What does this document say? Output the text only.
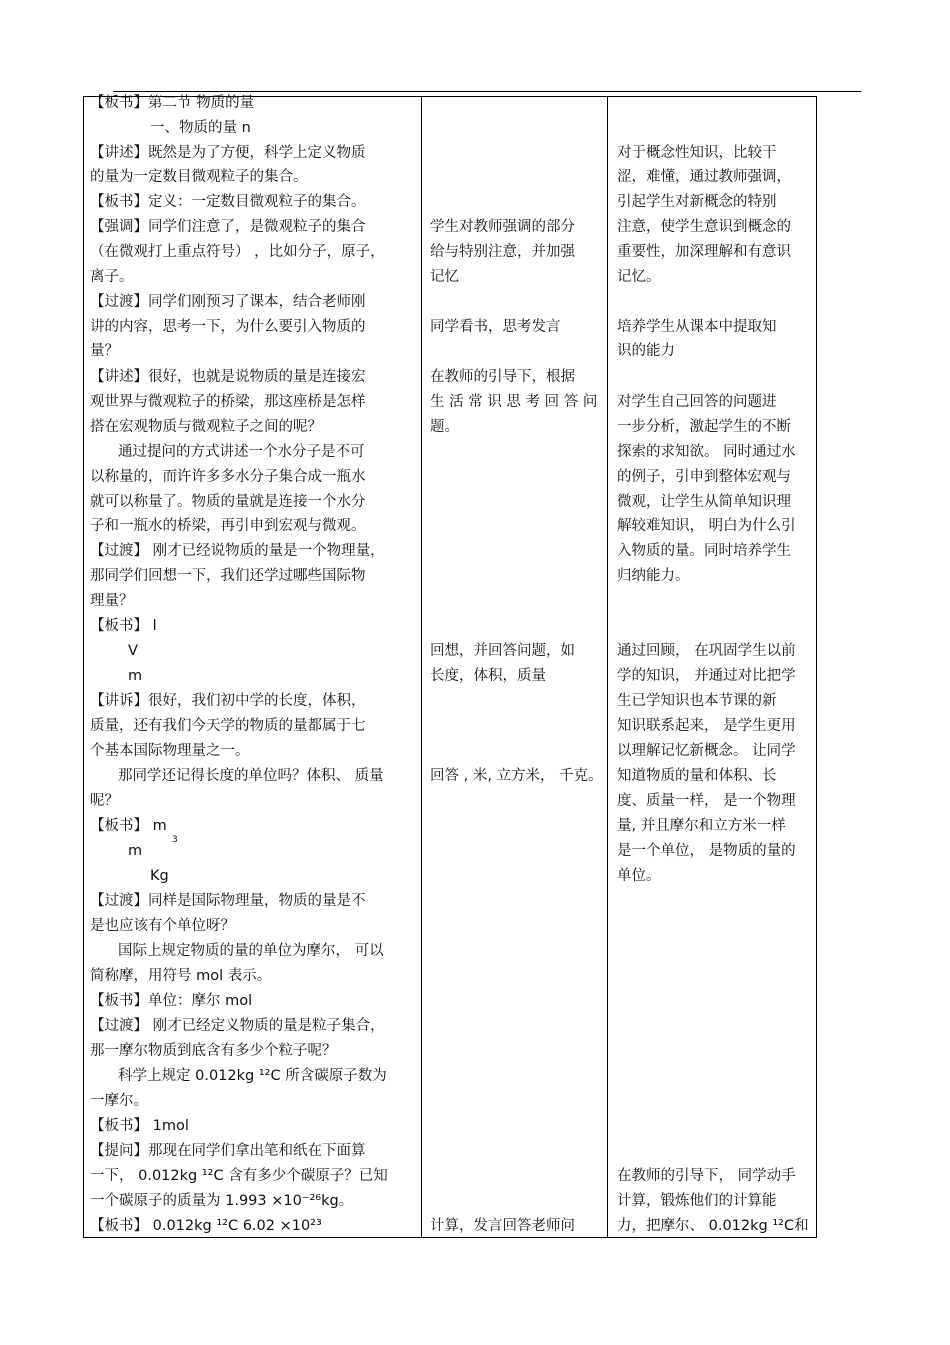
【板书】第二节 物质的量
一、物质的量 n
【讲述】既然是为了方便，科学上定义物质
的量为一定数目微观粒子的集合。
【板书】定义：一定数目微观粒子的集合。
【强调】同学们注意了，是微观粒子的集合
（在微观打上重点符号） ，比如分子，原子，
离子。
【过渡】同学们刚预习了课本，结合老师刚
讲的内容，思考一下，为什么要引入物质的
量？
【讲述】很好，也就是说物质的量是连接宏
观世界与微观粒子的桥梁，那这座桥是怎样
搭在宏观物质与微观粒子之间的呢？
通过提问的方式讲述一个水分子是不可
以称量的，而许许多多水分子集合成一瓶水
就可以称量了。物质的量就是连接一个水分
子和一瓶水的桥梁，再引申到宏观与微观。
【过渡】 刚才已经说物质的量是一个物理量，
那同学们回想一下，我们还学过哪些国际物
理量？
【板书】 l
V
m
【讲诉】很好，我们初中学的长度，体积，
质量，还有我们今天学的物质的量都属于七
个基本国际物理量之一。
那同学还记得长度的单位吗？体积、 质量
呢？
【板书】 m
m
Kg
【过渡】同样是国际物理量，物质的量是不
是也应该有个单位呀？
国际上规定物质的量的单位为摩尔， 可以
简称摩，用符号 mol 表示。
【板书】单位：摩尔 mol
【过渡】 刚才已经定义物质的量是粒子集合，
那一摩尔物质到底含有多少个粒子呢？
科学上规定 0.012kg ¹²C 所含碳原子数为
一摩尔。
【板书】 1mol
【提问】那现在同学们拿出笔和纸在下面算
一下， 0.012kg ¹²C 含有多少个碳原子？已知
一个碳原子的质量为 1.993 ×10⁻²⁶kg。
【板书】 0.012kg ¹²C 6.02 ×10²³
3
学生对教师强调的部分
给与特别注意，并加强
记忆
同学看书，思考发言
在教师的引导下，根据
生 活 常 识 思 考 回 答 问
题。
回想，并回答问题，如
长度，体积，质量
回答 , 米, 立方米， 千克。
计算，发言回答老师问
对于概念性知识，比较干
涩，难懂，通过教师强调，
引起学生对新概念的特别
注意，使学生意识到概念的
重要性，加深理解和有意识
记忆。
培养学生从课本中提取知
识的能力
对学生自己回答的问题进
一步分析，激起学生的不断
探索的求知欲。 同时通过水
的例子，引申到整体宏观与
微观，让学生从简单知识理
解较难知识， 明白为什么引
入物质的量。同时培养学生
归纳能力。
通过回顾， 在巩固学生以前
学的知识， 并通过对比把学
生已学知识也本节课的新
知识联系起来， 是学生更用
以理解记忆新概念。 让同学
知道物质的量和体积、长
度、质量一样， 是一个物理
量, 并且摩尔和立方米一样
是一个单位， 是物质的量的
单位。
在教师的引导下， 同学动手
计算，锻炼他们的计算能
力，把摩尔、 0.012kg ¹²C和
